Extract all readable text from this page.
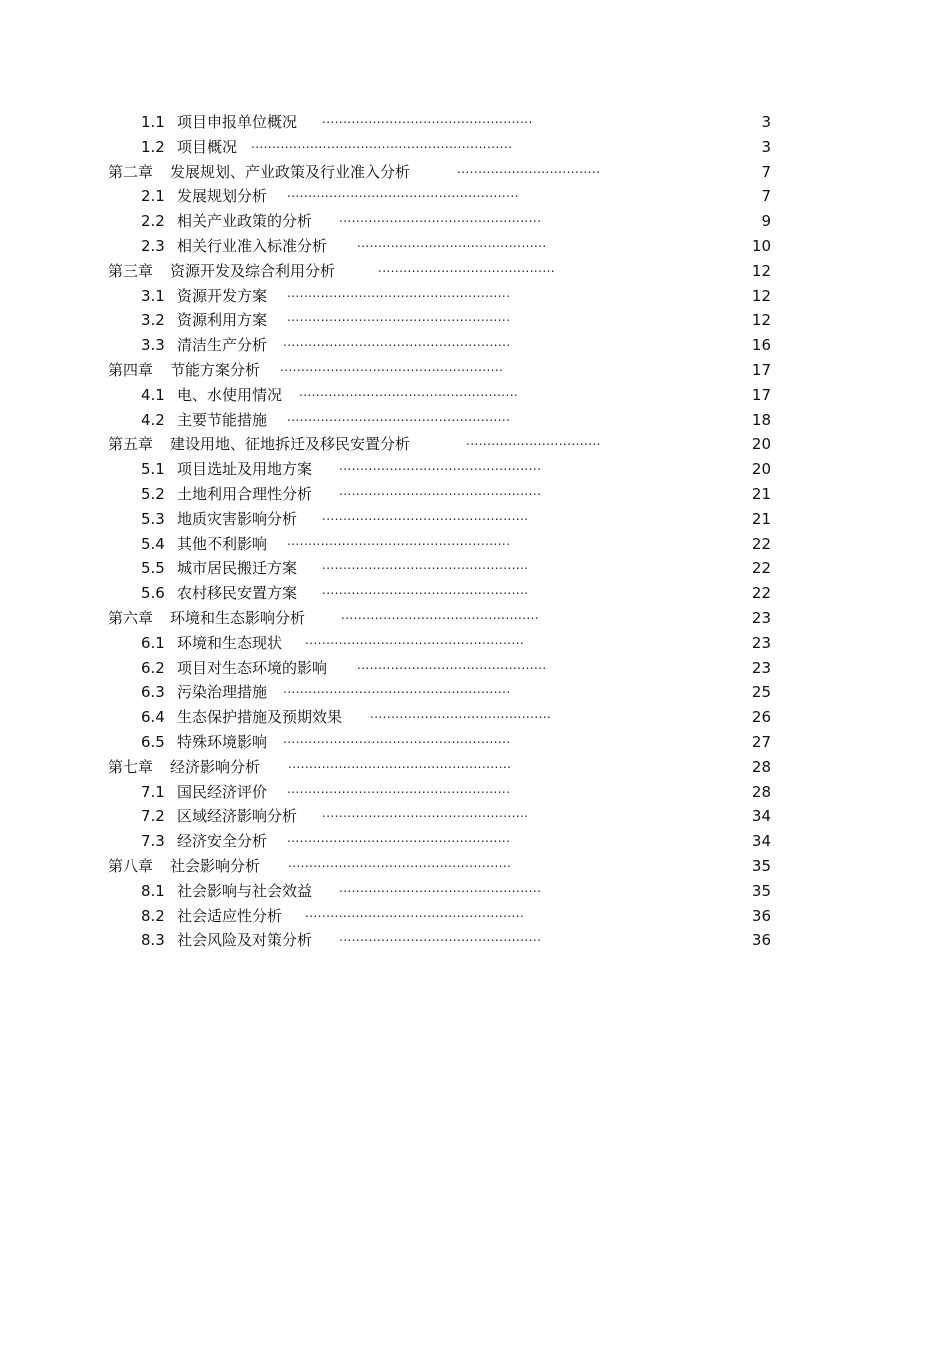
1.1 项目申报单位概况 ..................................................	3
1.2 项目概况 ..............................................................	3
第二章 发展规划、产业政策及行业准入分析	..................................	7
2.1 发展规划分析 .......................................................	7
2.2 相关产业政策的分析 ................................................	9
2.3 相关行业准入标准分析 .............................................	10
第三章 资源开发及综合利用分析	..........................................	12
3.1 资源开发方案 .....................................................	12
3.2 资源利用方案 .....................................................	12
3.3 清洁生产分析 ......................................................	16
第四章 节能方案分析 .....................................................	17
4.1 电、水使用情况 ....................................................	17
4.2 主要节能措施 .....................................................	18
第五章 建设用地、征地拆迁及移民安置分析	................................	20
5.1 项目选址及用地方案 ................................................	20
5.2 土地利用合理性分析 ................................................	21
5.3 地质灾害影响分析 .................................................	21
5.4 其他不利影响 .....................................................	22
5.5 城市居民搬迁方案 .................................................	22
5.6 农村移民安置方案 .................................................	22
第六章 环境和生态影响分析	...............................................	23
6.1 环境和生态现状 ....................................................	23
6.2 项目对生态环境的影响 .............................................	23
6.3 污染治理措施 ......................................................	25
6.4 生态保护措施及预期效果 ...........................................	26
6.5 特殊环境影响 ......................................................	27
第七章 经济影响分析 .....................................................	28
7.1 国民经济评价 .....................................................	28
7.2 区域经济影响分析 .................................................	34
7.3 经济安全分析 .....................................................	34
第八章 社会影响分析 .....................................................	35
8.1 社会影响与社会效益 ................................................	35
8.2 社会适应性分析 ....................................................	36
8.3 社会风险及对策分析 ................................................	36
